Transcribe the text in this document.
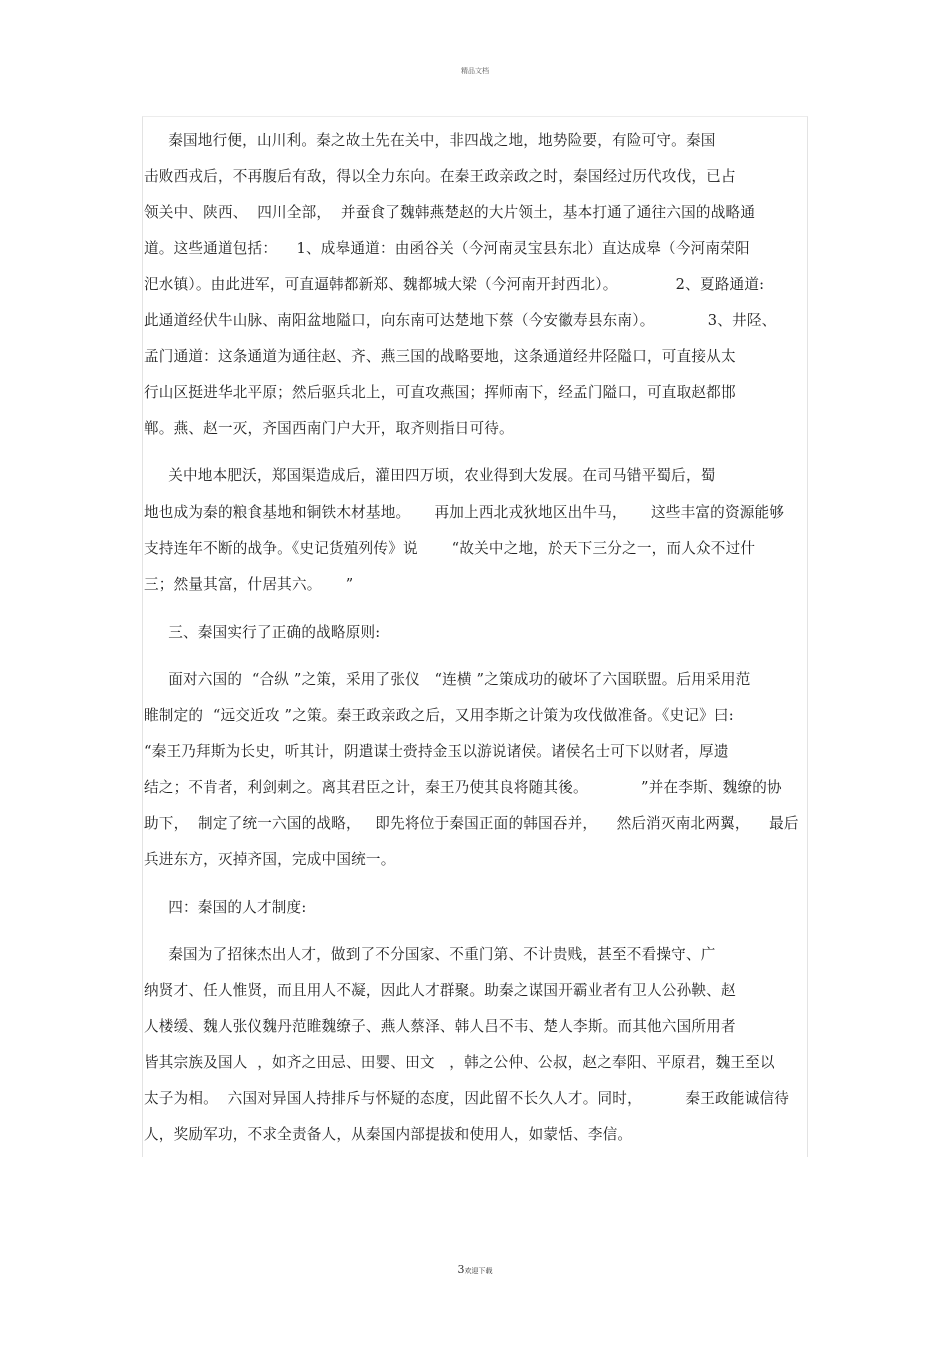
精品文档
秦国地行便，山川利。秦之故土先在关中，非四战之地，地势险要，有险可守。秦国
击败西戎后，不再腹后有敌，得以全力东向。在秦王政亲政之时，秦国经过历代攻伐，已占
领关中、陕西、  四川全部，  并蚕食了魏韩燕楚赵的大片领土，基本打通了通往六国的战略通
道。这些通道包括：    1、成皋通道：由函谷关（今河南灵宝县东北）直达成皋（今河南荣阳
汜水镇）。由此进军，可直逼韩都新郑、魏都城大梁（今河南开封西北）。            2、夏路通道:
此通道经伏牛山脉、南阳盆地隘口，向东南可达楚地下蔡（今安徽寿县东南）。           3、井陉、
孟门通道：这条通道为通往赵、齐、燕三国的战略要地，这条通道经井陉隘口，可直接从太
行山区挺进华北平原；然后驱兵北上，可直攻燕国；挥师南下，经孟门隘口，可直取赵都邯
郸。燕、赵一灭，齐国西南门户大开，取齐则指日可待。
关中地本肥沃，郑国渠造成后，灌田四万顷，农业得到大发展。在司马错平蜀后，蜀
地也成为秦的粮食基地和铜铁木材基地。     再加上西北戎狄地区出牛马，     这些丰富的资源能够
支持连年不断的战争。《史记货殖列传》说       “故关中之地，於天下三分之一，而人众不过什
三；然量其富，什居其六。     ”
三、秦国实行了正确的战略原则:
面对六国的  “合纵 ”之策，采用了张仪   “连横 ”之策成功的破坏了六国联盟。后用采用范
睢制定的  “远交近攻 ”之策。秦王政亲政之后，又用李斯之计策为攻伐做准备。《史记》曰:
“秦王乃拜斯为长史，听其计，阴遣谋士赍持金玉以游说诸侯。诸侯名士可下以财者，厚遗
结之；不肯者，利剑刺之。离其君臣之计，秦王乃使其良将随其後。           ”并在李斯、魏缭的协
助下，  制定了统一六国的战略，   即先将位于秦国正面的韩国吞并，    然后消灭南北两翼，    最后
兵进东方，灭掉齐国，完成中国统一。
四：秦国的人才制度:
秦国为了招徕杰出人才，做到了不分国家、不重门第、不计贵贱，甚至不看操守、广
纳贤才、任人惟贤，而且用人不凝，因此人才群聚。助秦之谋国开霸业者有卫人公孙鞅、赵
人楼缓、魏人张仪魏丹范睢魏缭子、燕人蔡泽、韩人吕不韦、楚人李斯。而其他六国所用者
皆其宗族及国人  ，如齐之田忌、田婴、田文   ，韩之公仲、公叔，赵之奉阳、平原君，魏王至以
太子为相。  六国对异国人持排斥与怀疑的态度，因此留不长久人才。同时，         秦王政能诚信待
人，奖励军功，不求全责备人，从秦国内部提拔和使用人，如蒙恬、李信。
3欢迎下载
